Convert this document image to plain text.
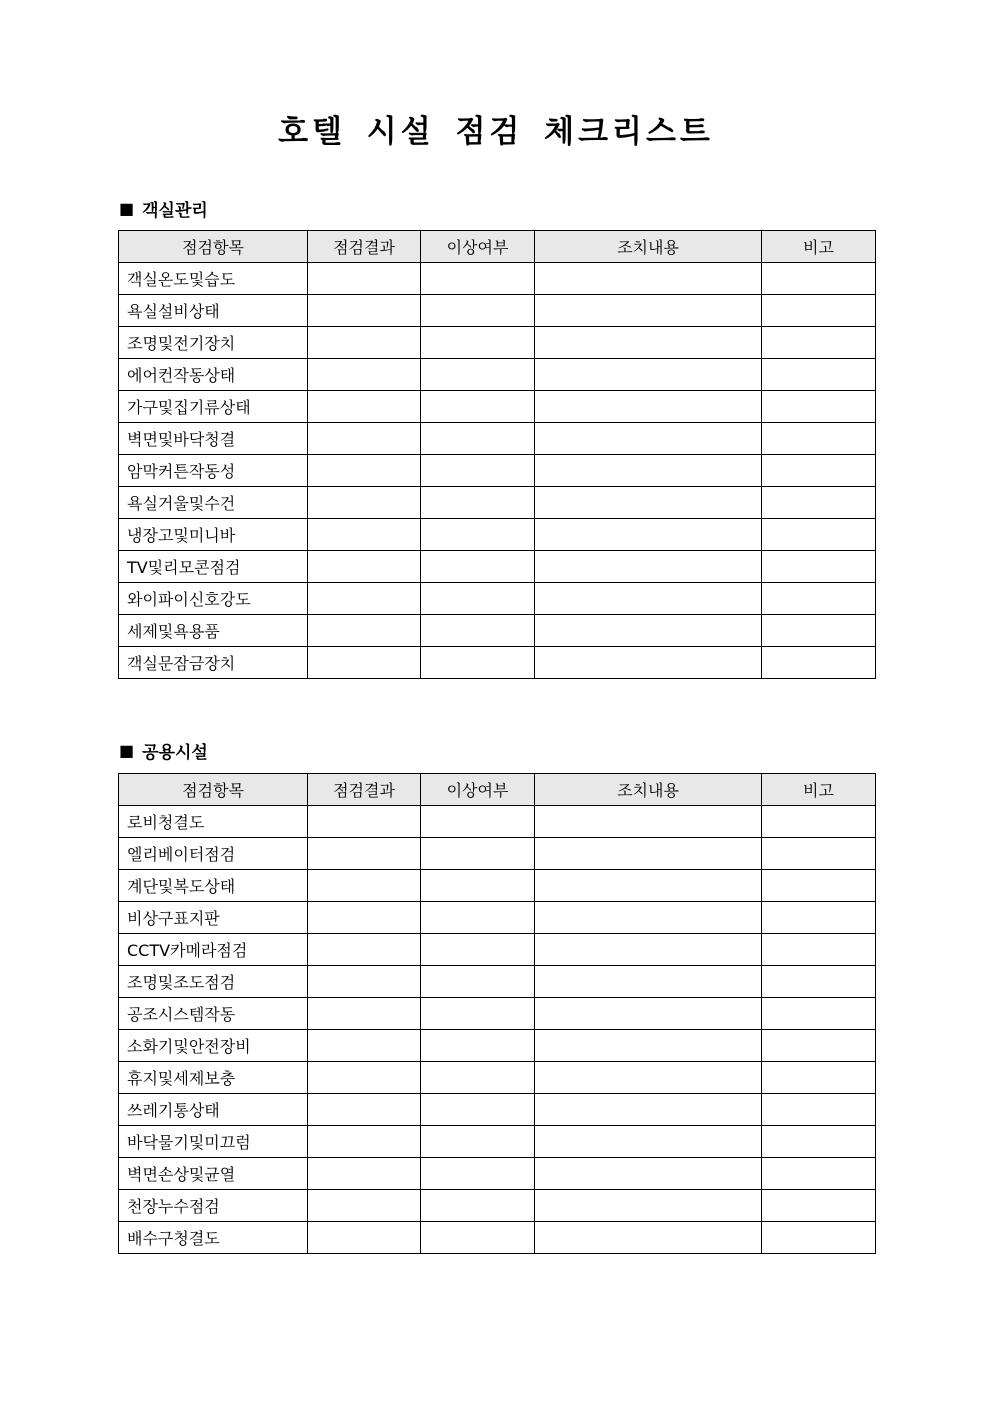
호텔 시설 점검 체크리스트
■ 객실관리
점검항목	점검결과	이상여부	조치내용	비고
객실온도및습도				
욕실설비상태				
조명및전기장치				
에어컨작동상태				
가구및집기류상태				
벽면및바닥청결				
암막커튼작동성				
욕실거울및수건				
냉장고및미니바				
TV및리모콘점검				
와이파이신호강도				
세제및욕용품				
객실문잠금장치				
■ 공용시설
점검항목	점검결과	이상여부	조치내용	비고
로비청결도				
엘리베이터점검				
계단및복도상태				
비상구표지판				
CCTV카메라점검				
조명및조도점검				
공조시스템작동				
소화기및안전장비				
휴지및세제보충				
쓰레기통상태				
바닥물기및미끄럼				
벽면손상및균열				
천장누수점검				
배수구청결도				
